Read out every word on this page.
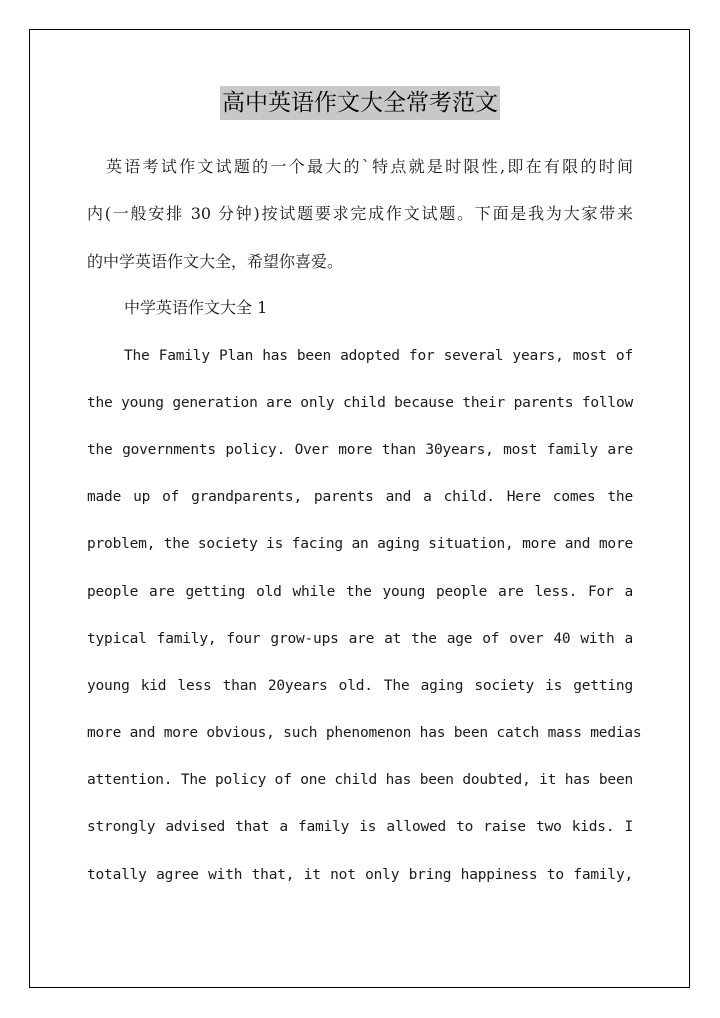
高中英语作文大全常考范文
英语考试作文试题的一个最大的`特点就是时限性,即在有限的时间
内(一般安排 30 分钟)按试题要求完成作文试题。下面是我为大家带来
的中学英语作文大全，希望你喜爱。
中学英语作文大全 1
The Family Plan has been adopted for several years, most of
the young generation are only child because their parents follow
the governments policy. Over more than 30years, most family are
made up of grandparents, parents and a child. Here comes the
problem, the society is facing an aging situation, more and more
people are getting old while the young people are less. For a
typical family, four grow-ups are at the age of over 40 with a
young kid less than 20years old. The aging society is getting
more and more obvious, such phenomenon has been catch mass medias
attention. The policy of one child has been doubted, it has been
strongly advised that a family is allowed to raise two kids. I
totally agree with that, it not only bring happiness to family,
